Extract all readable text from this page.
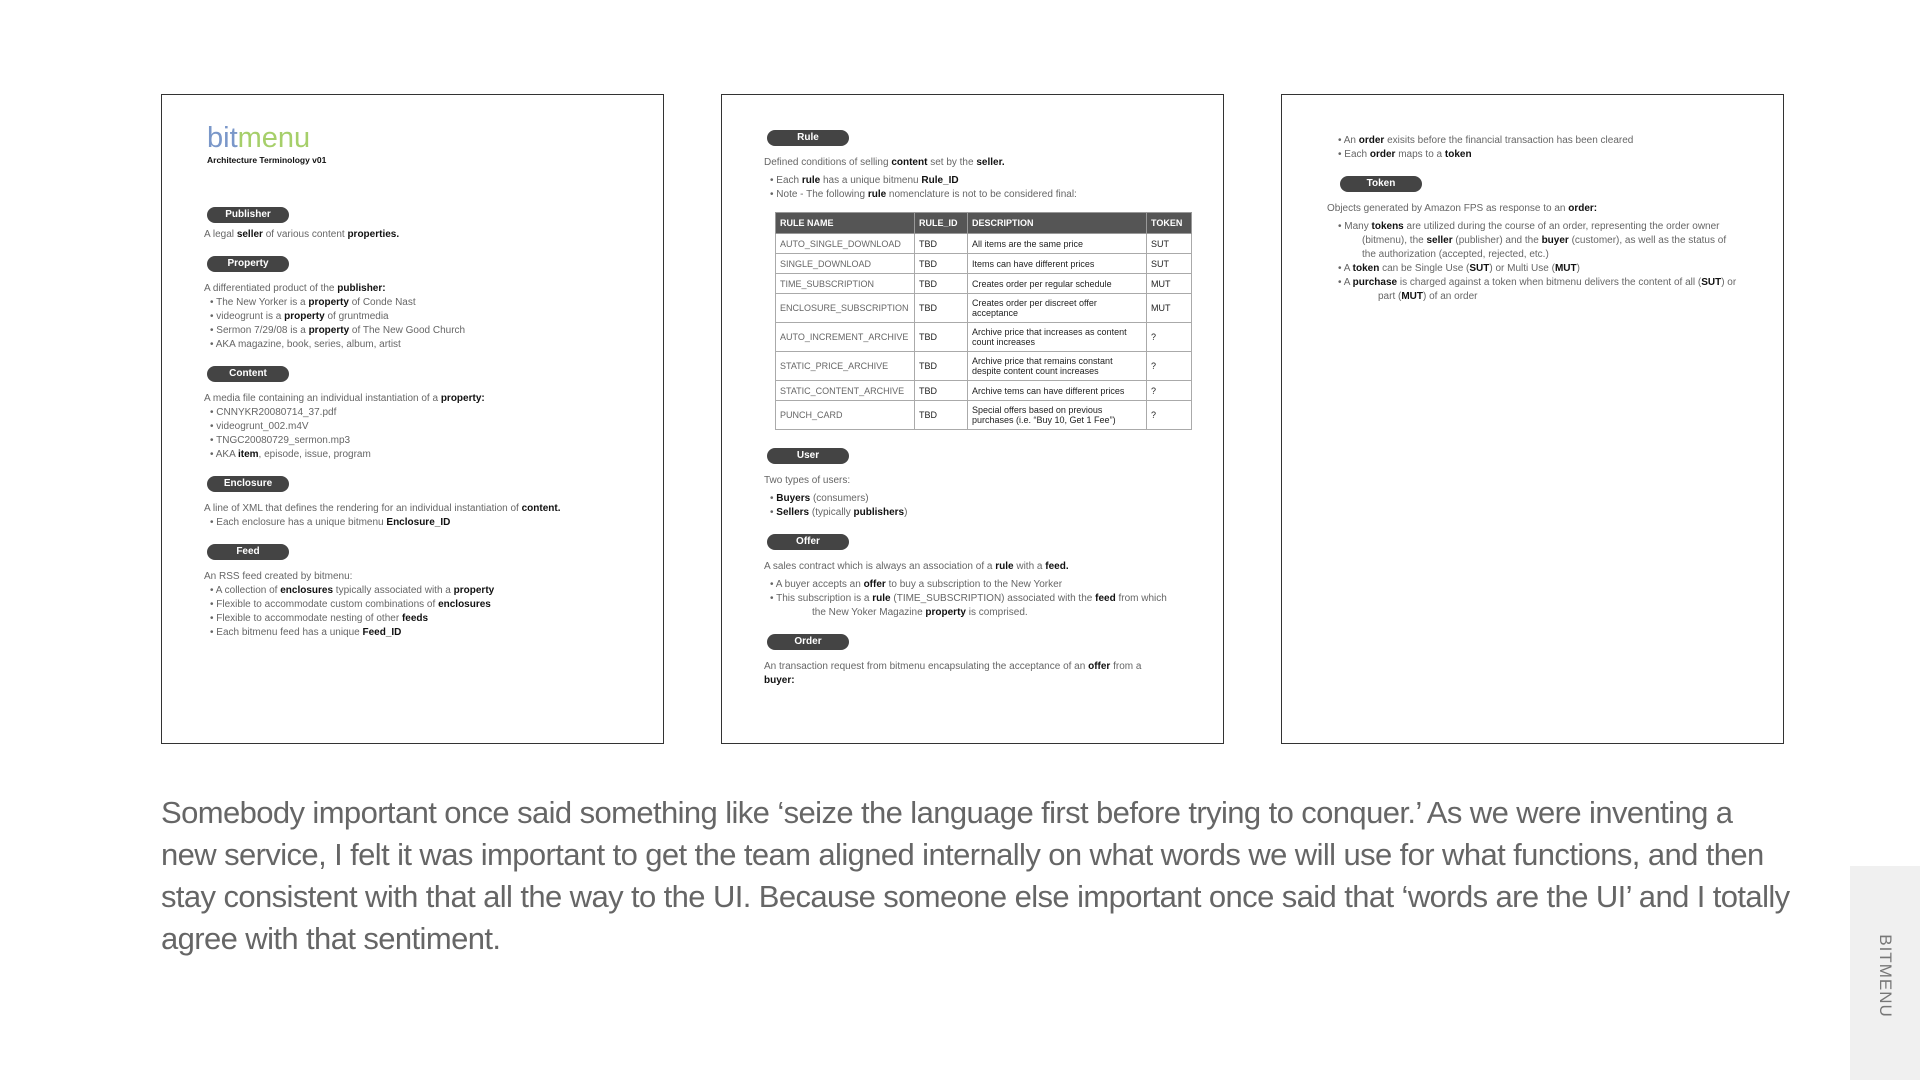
bitmenu
Architecture Terminology v01
Publisher
A legal seller of various content properties.
Property
A differentiated product of the publisher:
• The New Yorker is a property of Conde Nast
• videogrunt is a property of gruntmedia
• Sermon 7/29/08 is a property of The New Good Church
• AKA magazine, book, series, album, artist
Content
A media file containing an individual instantiation of a property:
• CNNYKR20080714_37.pdf
• videogrunt_002.m4V
• TNGC20080729_sermon.mp3
• AKA item, episode, issue, program
Enclosure
A line of XML that defines the rendering for an individual instantiation of content.
• Each enclosure has a unique bitmenu Enclosure_ID
Feed
An RSS feed created by bitmenu:
• A collection of enclosures typically associated with a property
• Flexible to accommodate custom combinations of enclosures
• Flexible to accommodate nesting of other feeds
• Each bitmenu feed has a unique Feed_ID
Rule
Defined conditions of selling content set by the seller.
• Each rule has a unique bitmenu Rule_ID
• Note - The following rule nomenclature is not to be considered final:
RULE NAME	RULE_ID	DESCRIPTION	TOKEN
AUTO_SINGLE_DOWNLOAD	TBD	All items are the same price	SUT
SINGLE_DOWNLOAD	TBD	Items can have different prices	SUT
TIME_SUBSCRIPTION	TBD	Creates order per regular schedule	MUT
ENCLOSURE_SUBSCRIPTION	TBD	Creates order per discreet offer acceptance	MUT
AUTO_INCREMENT_ARCHIVE	TBD	Archive price that increases as content count increases	?
STATIC_PRICE_ARCHIVE	TBD	Archive price that remains constant despite content count increases	?
STATIC_CONTENT_ARCHIVE	TBD	Archive tems can have different prices	?
PUNCH_CARD	TBD	Special offers based on previous purchases (i.e. “Buy 10, Get 1 Fee”)	?
User
Two types of users:
• Buyers (consumers)
• Sellers (typically publishers)
Offer
A sales contract which is always an association of a rule with a feed.
• A buyer accepts an offer to buy a subscription to the New Yorker
• This subscription is a rule (TIME_SUBSCRIPTION) associated with the feed from which
the New Yoker Magazine property is comprised.
Order
An transaction request from bitmenu encapsulating the acceptance of an offer from a
buyer:
• An order exisits before the financial transaction has been cleared
• Each order maps to a token
Token
Objects generated by Amazon FPS as response to an order:
• Many tokens are utilized during the course of an order, representing the order owner
(bitmenu), the seller (publisher) and the buyer (customer), as well as the status of
the authorization (accepted, rejected, etc.)
• A token can be Single Use (SUT) or Multi Use (MUT)
• A purchase is charged against a token when bitmenu delivers the content of all (SUT) or
part (MUT) of an order
Somebody important once said something like ‘seize the language first before trying to conquer.’ As we were inventing a new service, I felt it was important to get the team aligned internally on what words we will use for what functions, and then stay consistent with that all the way to the UI. Because someone else important once said that ‘words are the UI’ and I totally agree with that sentiment.	BITMENU
